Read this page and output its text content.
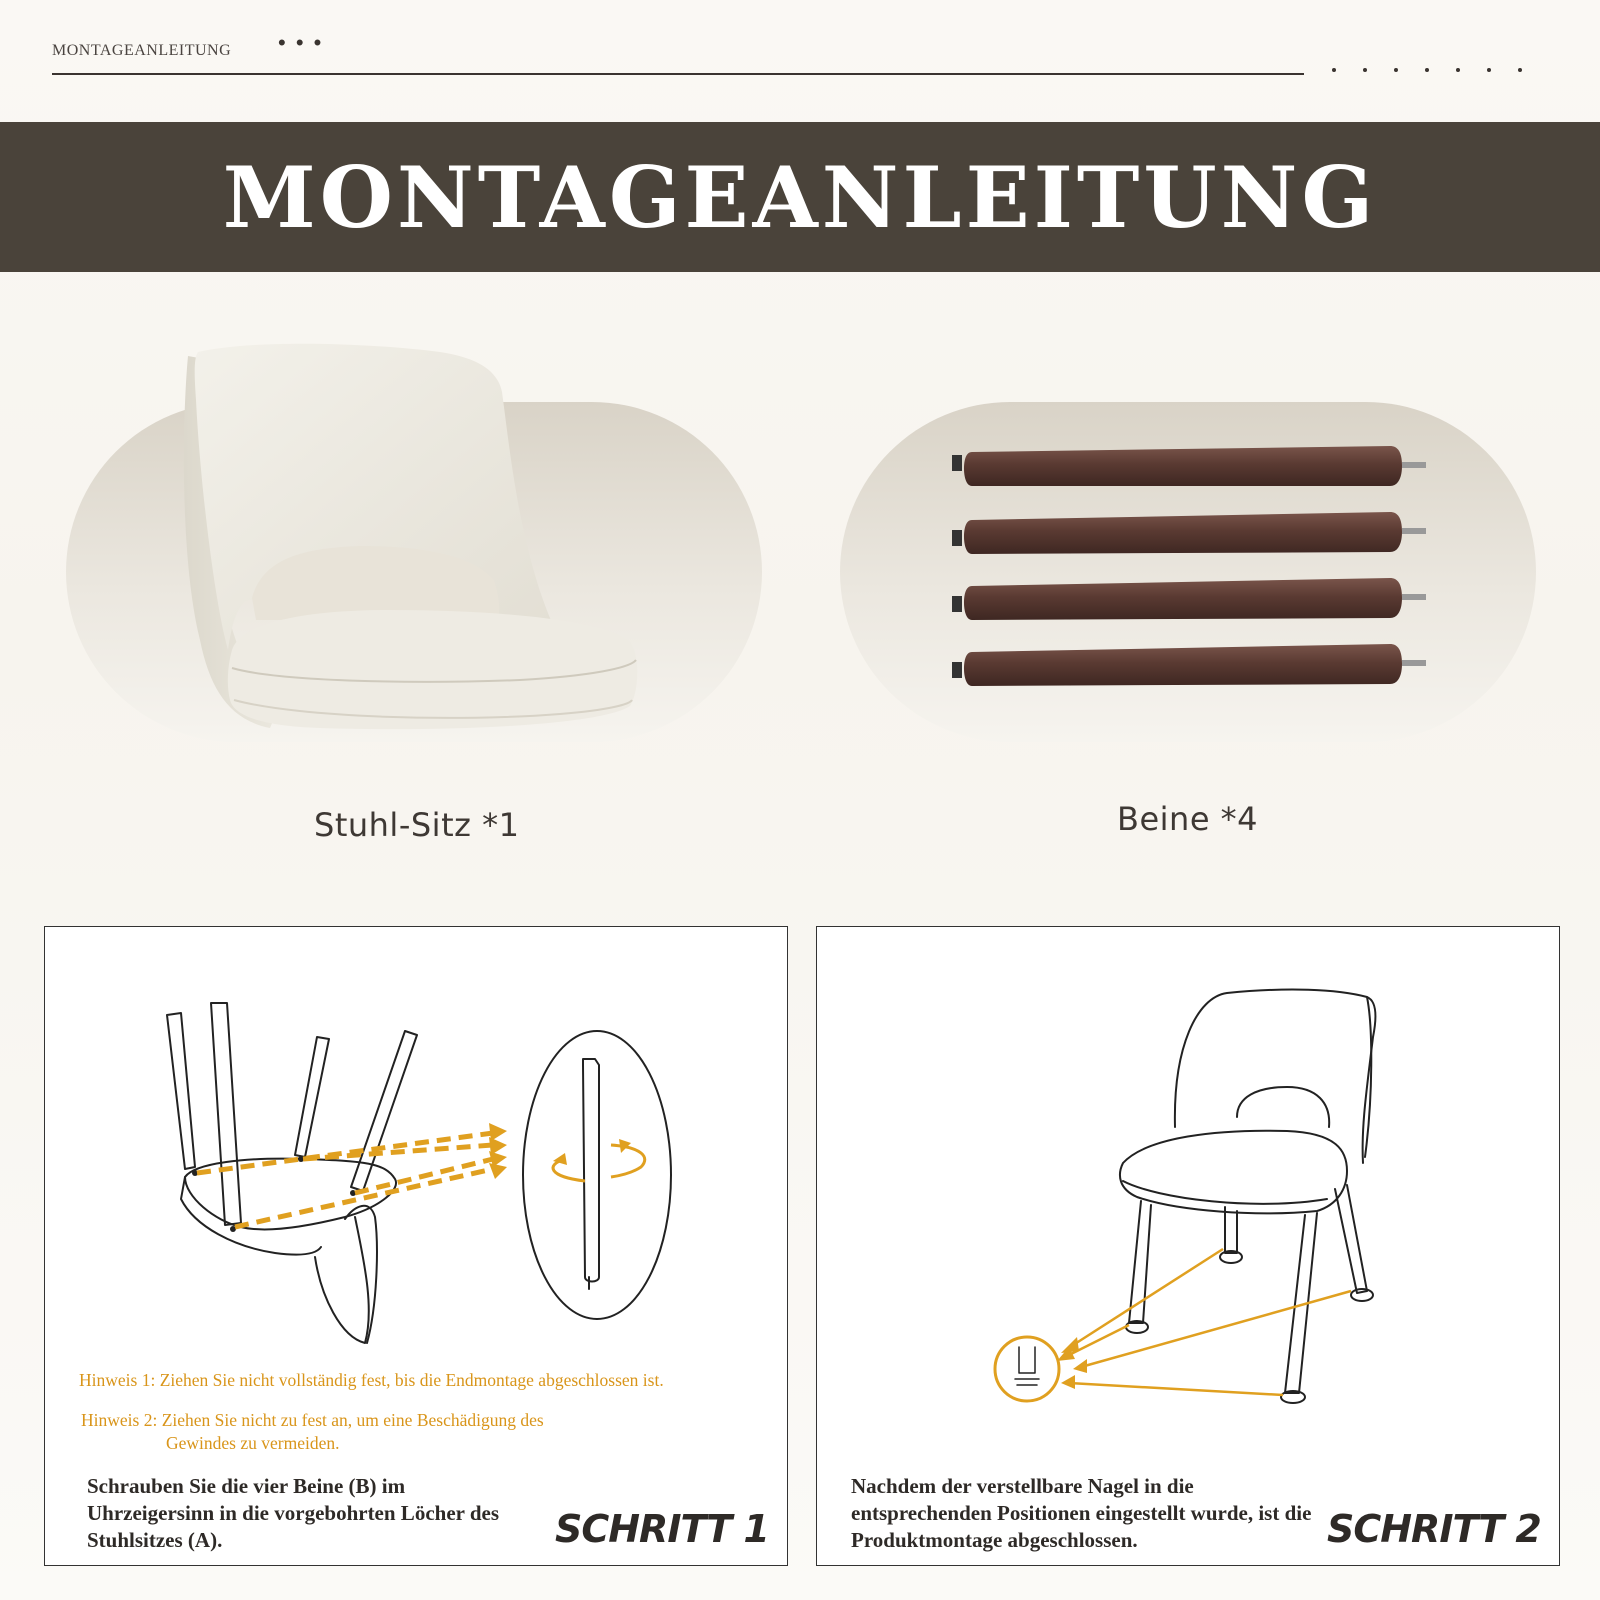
MONTAGEANLEITUNG • • •
MONTAGEANLEITUNG
Stuhl-Sitz *1	Beine *4
Hinweis 1: Ziehen Sie nicht vollständig fest, bis die Endmontage abgeschlossen ist.
Hinweis 2: Ziehen Sie nicht zu fest an, um eine Beschädigung des
Gewindes zu vermeiden.
Schrauben Sie die vier Beine (B) im Uhrzeigersinn in die vorgebohrten Löcher des Stuhlsitzes (A).	SCHRITT 1
Nachdem der verstellbare Nagel in die entsprechenden Positionen eingestellt wurde, ist die Produktmontage abgeschlossen.	SCHRITT 2
